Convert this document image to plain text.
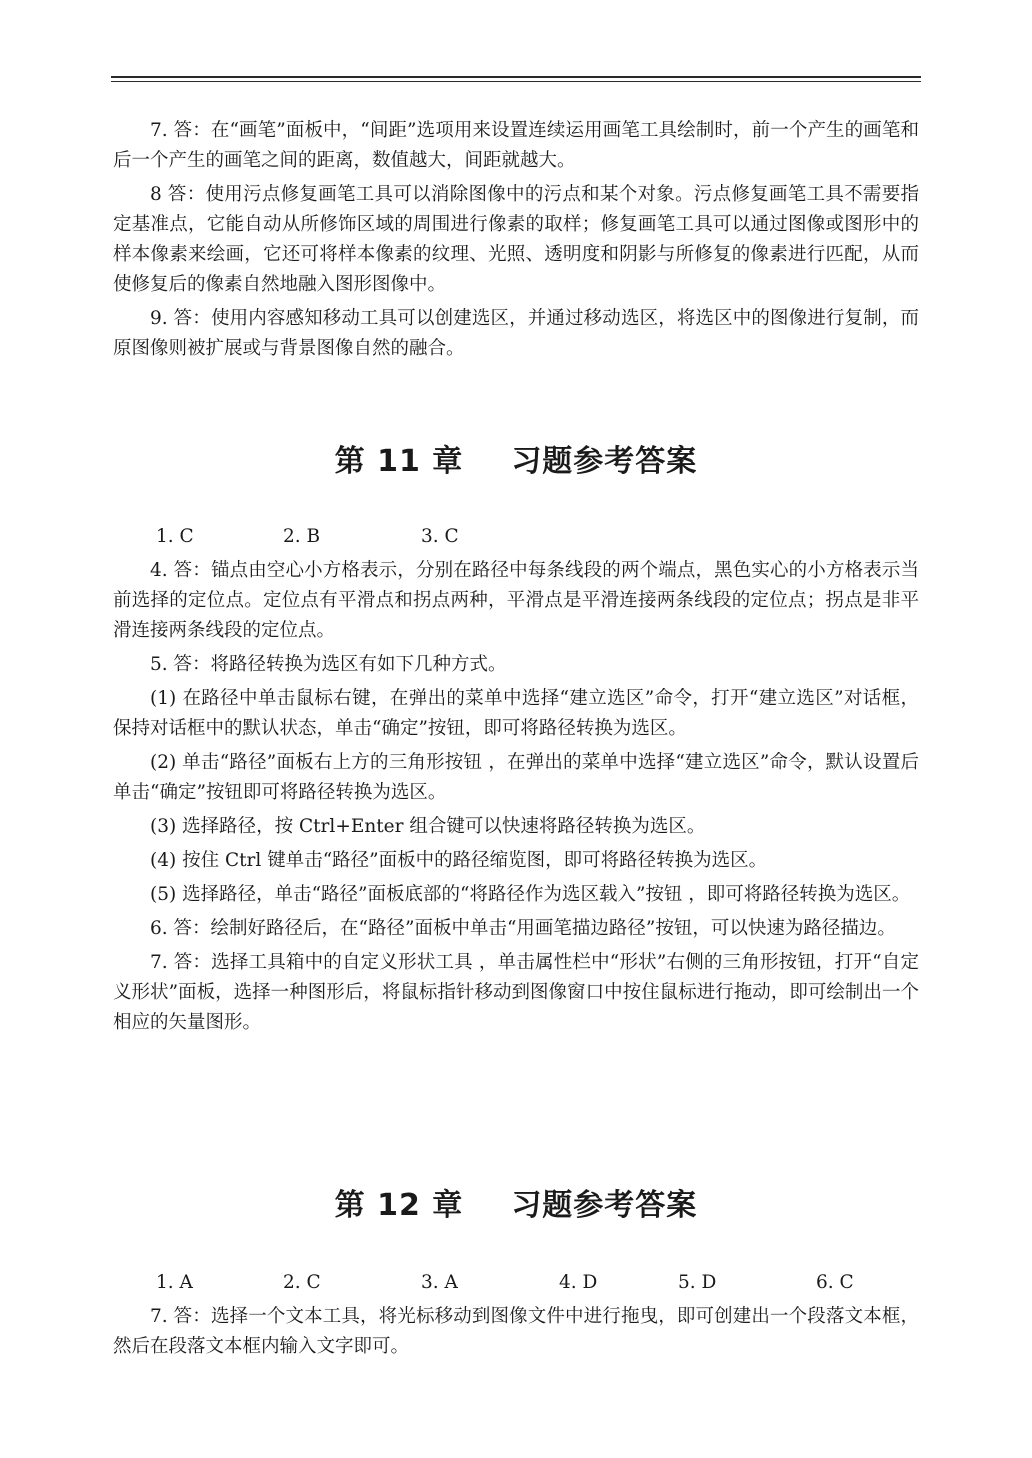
7. 答：在“画笔”面板中，“间距”选项用来设置连续运用画笔工具绘制时，前一个产生的画笔和后一个产生的画笔之间的距离，数值越大，间距就越大。

8 答：使用污点修复画笔工具可以消除图像中的污点和某个对象。污点修复画笔工具不需要指定基准点，它能自动从所修饰区域的周围进行像素的取样；修复画笔工具可以通过图像或图形中的样本像素来绘画，它还可将样本像素的纹理、光照、透明度和阴影与所修复的像素进行匹配，从而使修复后的像素自然地融入图形图像中。

9. 答：使用内容感知移动工具可以创建选区，并通过移动选区，将选区中的图像进行复制，而原图像则被扩展或与背景图像自然的融合。

第 11 章 习题参考答案
1. C	2. B	3. C

4. 答：锚点由空心小方格表示，分别在路径中每条线段的两个端点，黑色实心的小方格表示当前选择的定位点。定位点有平滑点和拐点两种，平滑点是平滑连接两条线段的定位点；拐点是非平滑连接两条线段的定位点。

5. 答：将路径转换为选区有如下几种方式。

(1) 在路径中单击鼠标右键，在弹出的菜单中选择“建立选区”命令，打开“建立选区”对话框，保持对话框中的默认状态，单击“确定”按钮，即可将路径转换为选区。

(2) 单击“路径”面板右上方的三角形按钮 ，在弹出的菜单中选择“建立选区”命令，默认设置后单击“确定”按钮即可将路径转换为选区。

(3) 选择路径，按 Ctrl+Enter 组合键可以快速将路径转换为选区。

(4) 按住 Ctrl 键单击“路径”面板中的路径缩览图，即可将路径转换为选区。

(5) 选择路径，单击“路径”面板底部的“将路径作为选区载入”按钮 ，即可将路径转换为选区。

6. 答：绘制好路径后，在“路径”面板中单击“用画笔描边路径”按钮，可以快速为路径描边。

7. 答：选择工具箱中的自定义形状工具 ，单击属性栏中“形状”右侧的三角形按钮，打开“自定义形状”面板，选择一种图形后，将鼠标指针移动到图像窗口中按住鼠标进行拖动，即可绘制出一个相应的矢量图形。

第 12 章 习题参考答案
1. A	2. C	3. A	4. D	5. D	6. C

7. 答：选择一个文本工具，将光标移动到图像文件中进行拖曳，即可创建出一个段落文本框，然后在段落文本框内输入文字即可。
